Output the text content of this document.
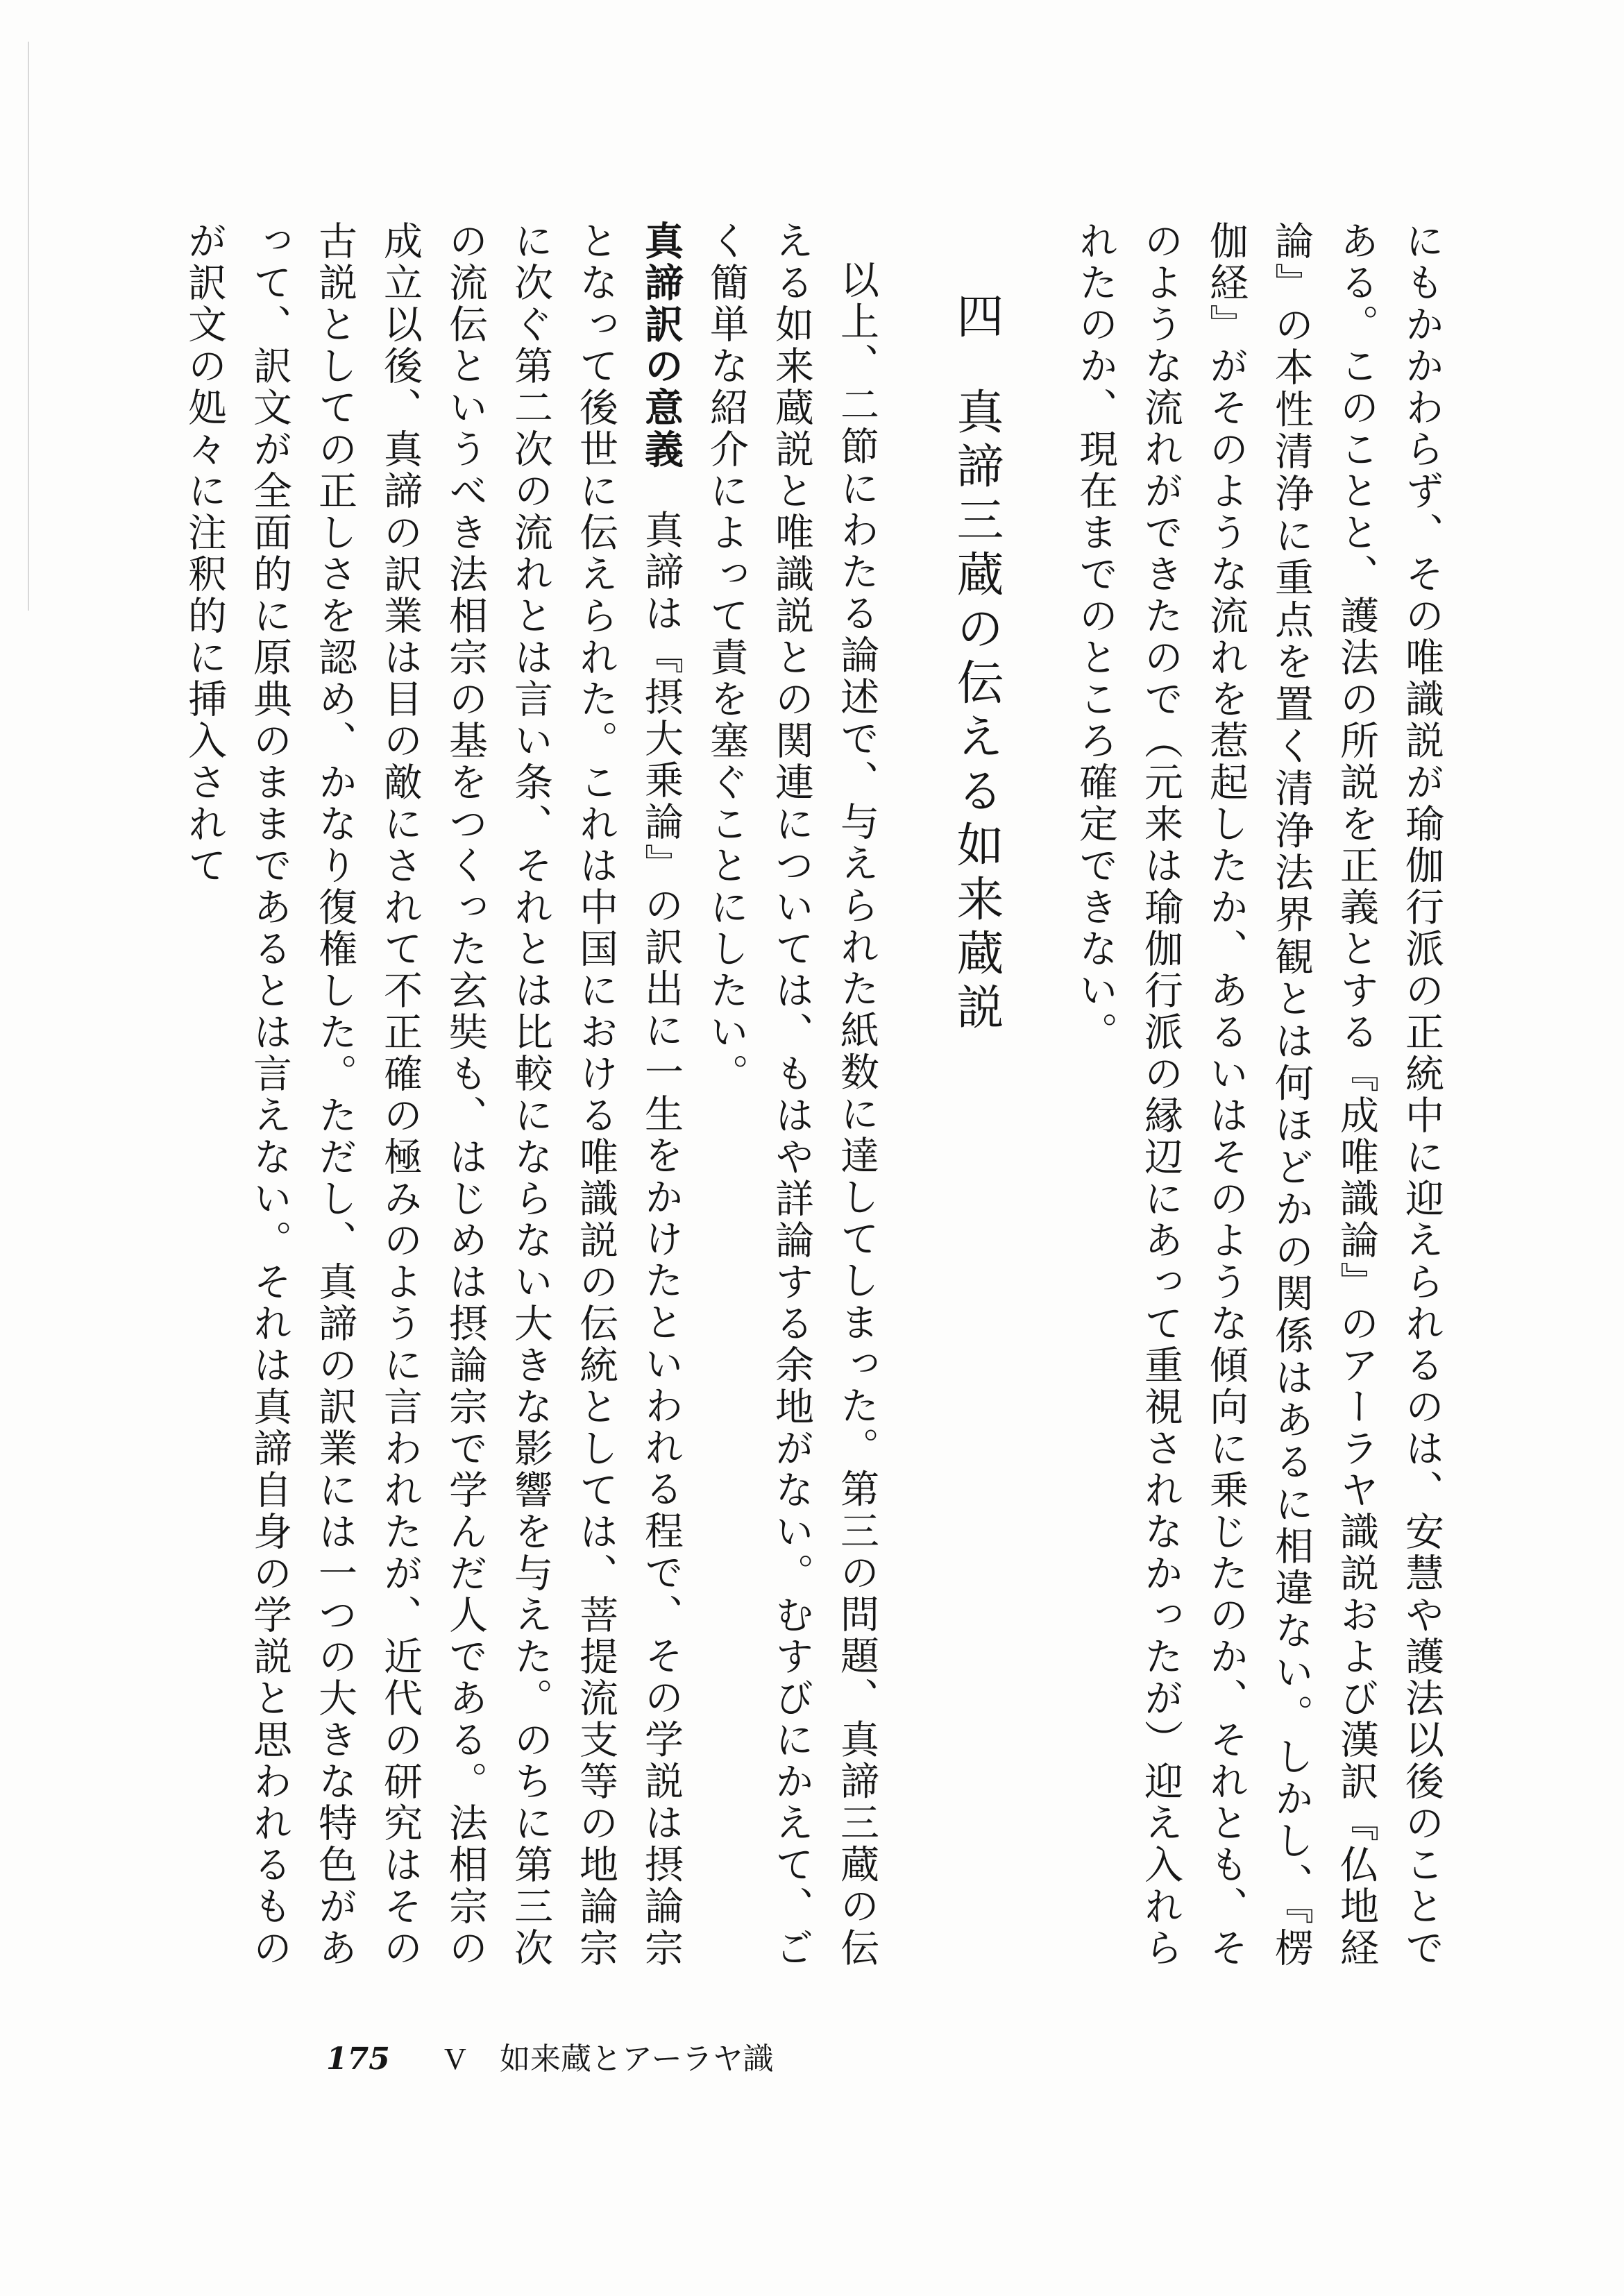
にもかかわらず、その唯識説が瑜伽行派の正統中に迎えられるのは、安慧や護法以後のことである。このことと、護法の所説を正義とする『成唯識論』のアーラヤ識説および漢訳『仏地経論』の本性清浄に重点を置く清浄法界観とは何ほどかの関係はあるに相違ない。しかし、『楞伽経』がそのような流れを惹起したか、あるいはそのような傾向に乗じたのか、それとも、そのような流れができたので（元来は瑜伽行派の縁辺にあって重視されなかったが）迎え入れられたのか、現在までのところ確定できない。

四真諦三蔵の伝える如来蔵説

以上、二節にわたる論述で、与えられた紙数に達してしまった。第三の問題、真諦三蔵の伝える如来蔵説と唯識説との関連については、もはや詳論する余地がない。むすびにかえて、ごく簡単な紹介によって責を塞ぐことにしたい。

真諦訳の意義真諦は『摂大乗論』の訳出に一生をかけたといわれる程で、その学説は摂論宗となって後世に伝えられた。これは中国における唯識説の伝統としては、菩提流支等の地論宗に次ぐ第二次の流れとは言い条、それとは比較にならない大きな影響を与えた。のちに第三次の流伝というべき法相宗の基をつくった玄奘も、はじめは摂論宗で学んだ人である。法相宗の成立以後、真諦の訳業は目の敵にされて不正確の極みのように言われたが、近代の研究はその古説としての正しさを認め、かなり復権した。ただし、真諦の訳業には一つの大きな特色があって、訳文が全面的に原典のままであるとは言えない。それは真諦自身の学説と思われるものが訳文の処々に注釈的に挿入されて

175 V 如来蔵とアーラヤ識
